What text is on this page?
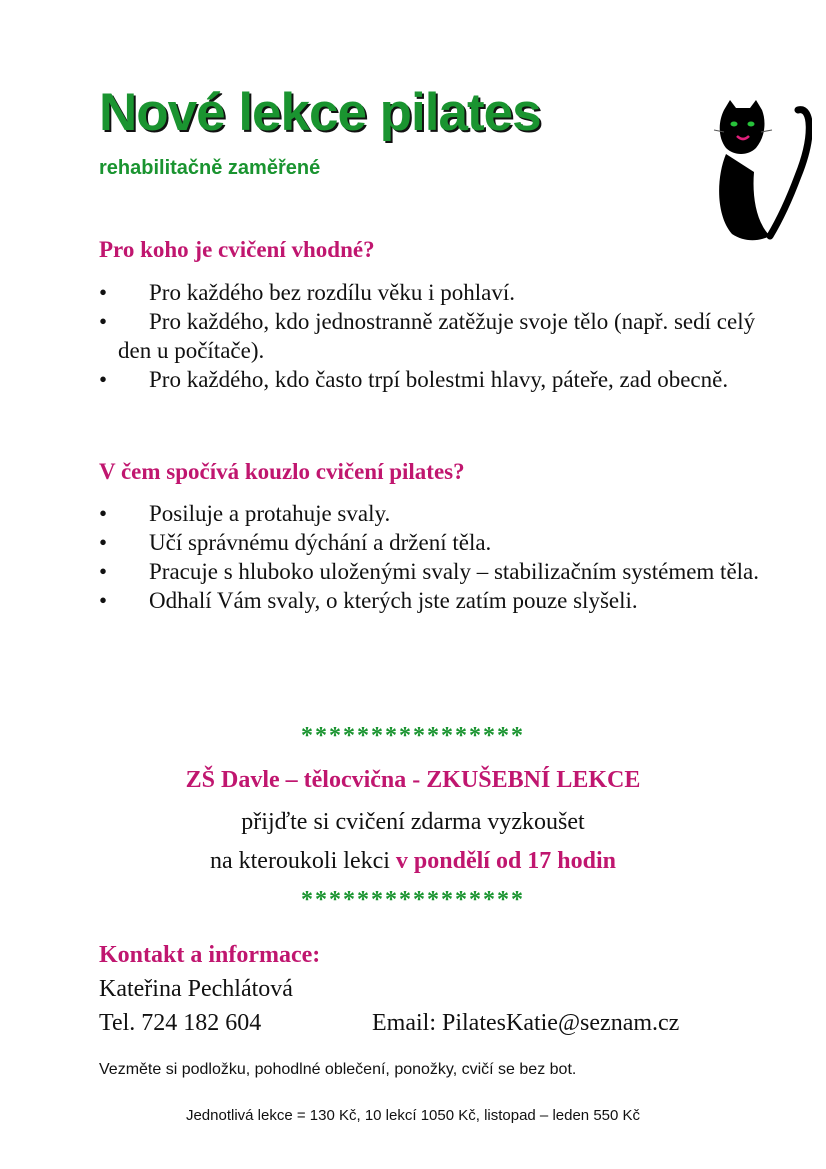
Nové lekce pilates
rehabilitačně zaměřené
Pro koho je cvičení vhodné?
• Pro každého bez rozdílu věku i pohlaví.
• Pro každého, kdo jednostranně zatěžuje svoje tělo (např. sedí celý den u počítače).
• Pro každého, kdo často trpí bolestmi hlavy, páteře, zad obecně.
V čem spočívá kouzlo cvičení pilates?
• Posiluje a protahuje svaly.
• Učí správnému dýchání a držení těla.
• Pracuje s hluboko uloženými svaly – stabilizačním systémem těla.
• Odhalí Vám svaly, o kterých jste zatím pouze slyšeli.
****************
ZŠ Davle – tělocvična - ZKUŠEBNÍ LEKCE
přijďte si cvičení zdarma vyzkoušet
na kteroukoli lekci v pondělí od 17 hodin
****************
Kontakt a informace:
Kateřina Pechlátová
Tel. 724 182 604	Email: PilatesKatie@seznam.cz
Vezměte si podložku, pohodlné oblečení, ponožky, cvičí se bez bot.
Jednotlivá lekce = 130 Kč, 10 lekcí 1050 Kč, listopad – leden 550 Kč
